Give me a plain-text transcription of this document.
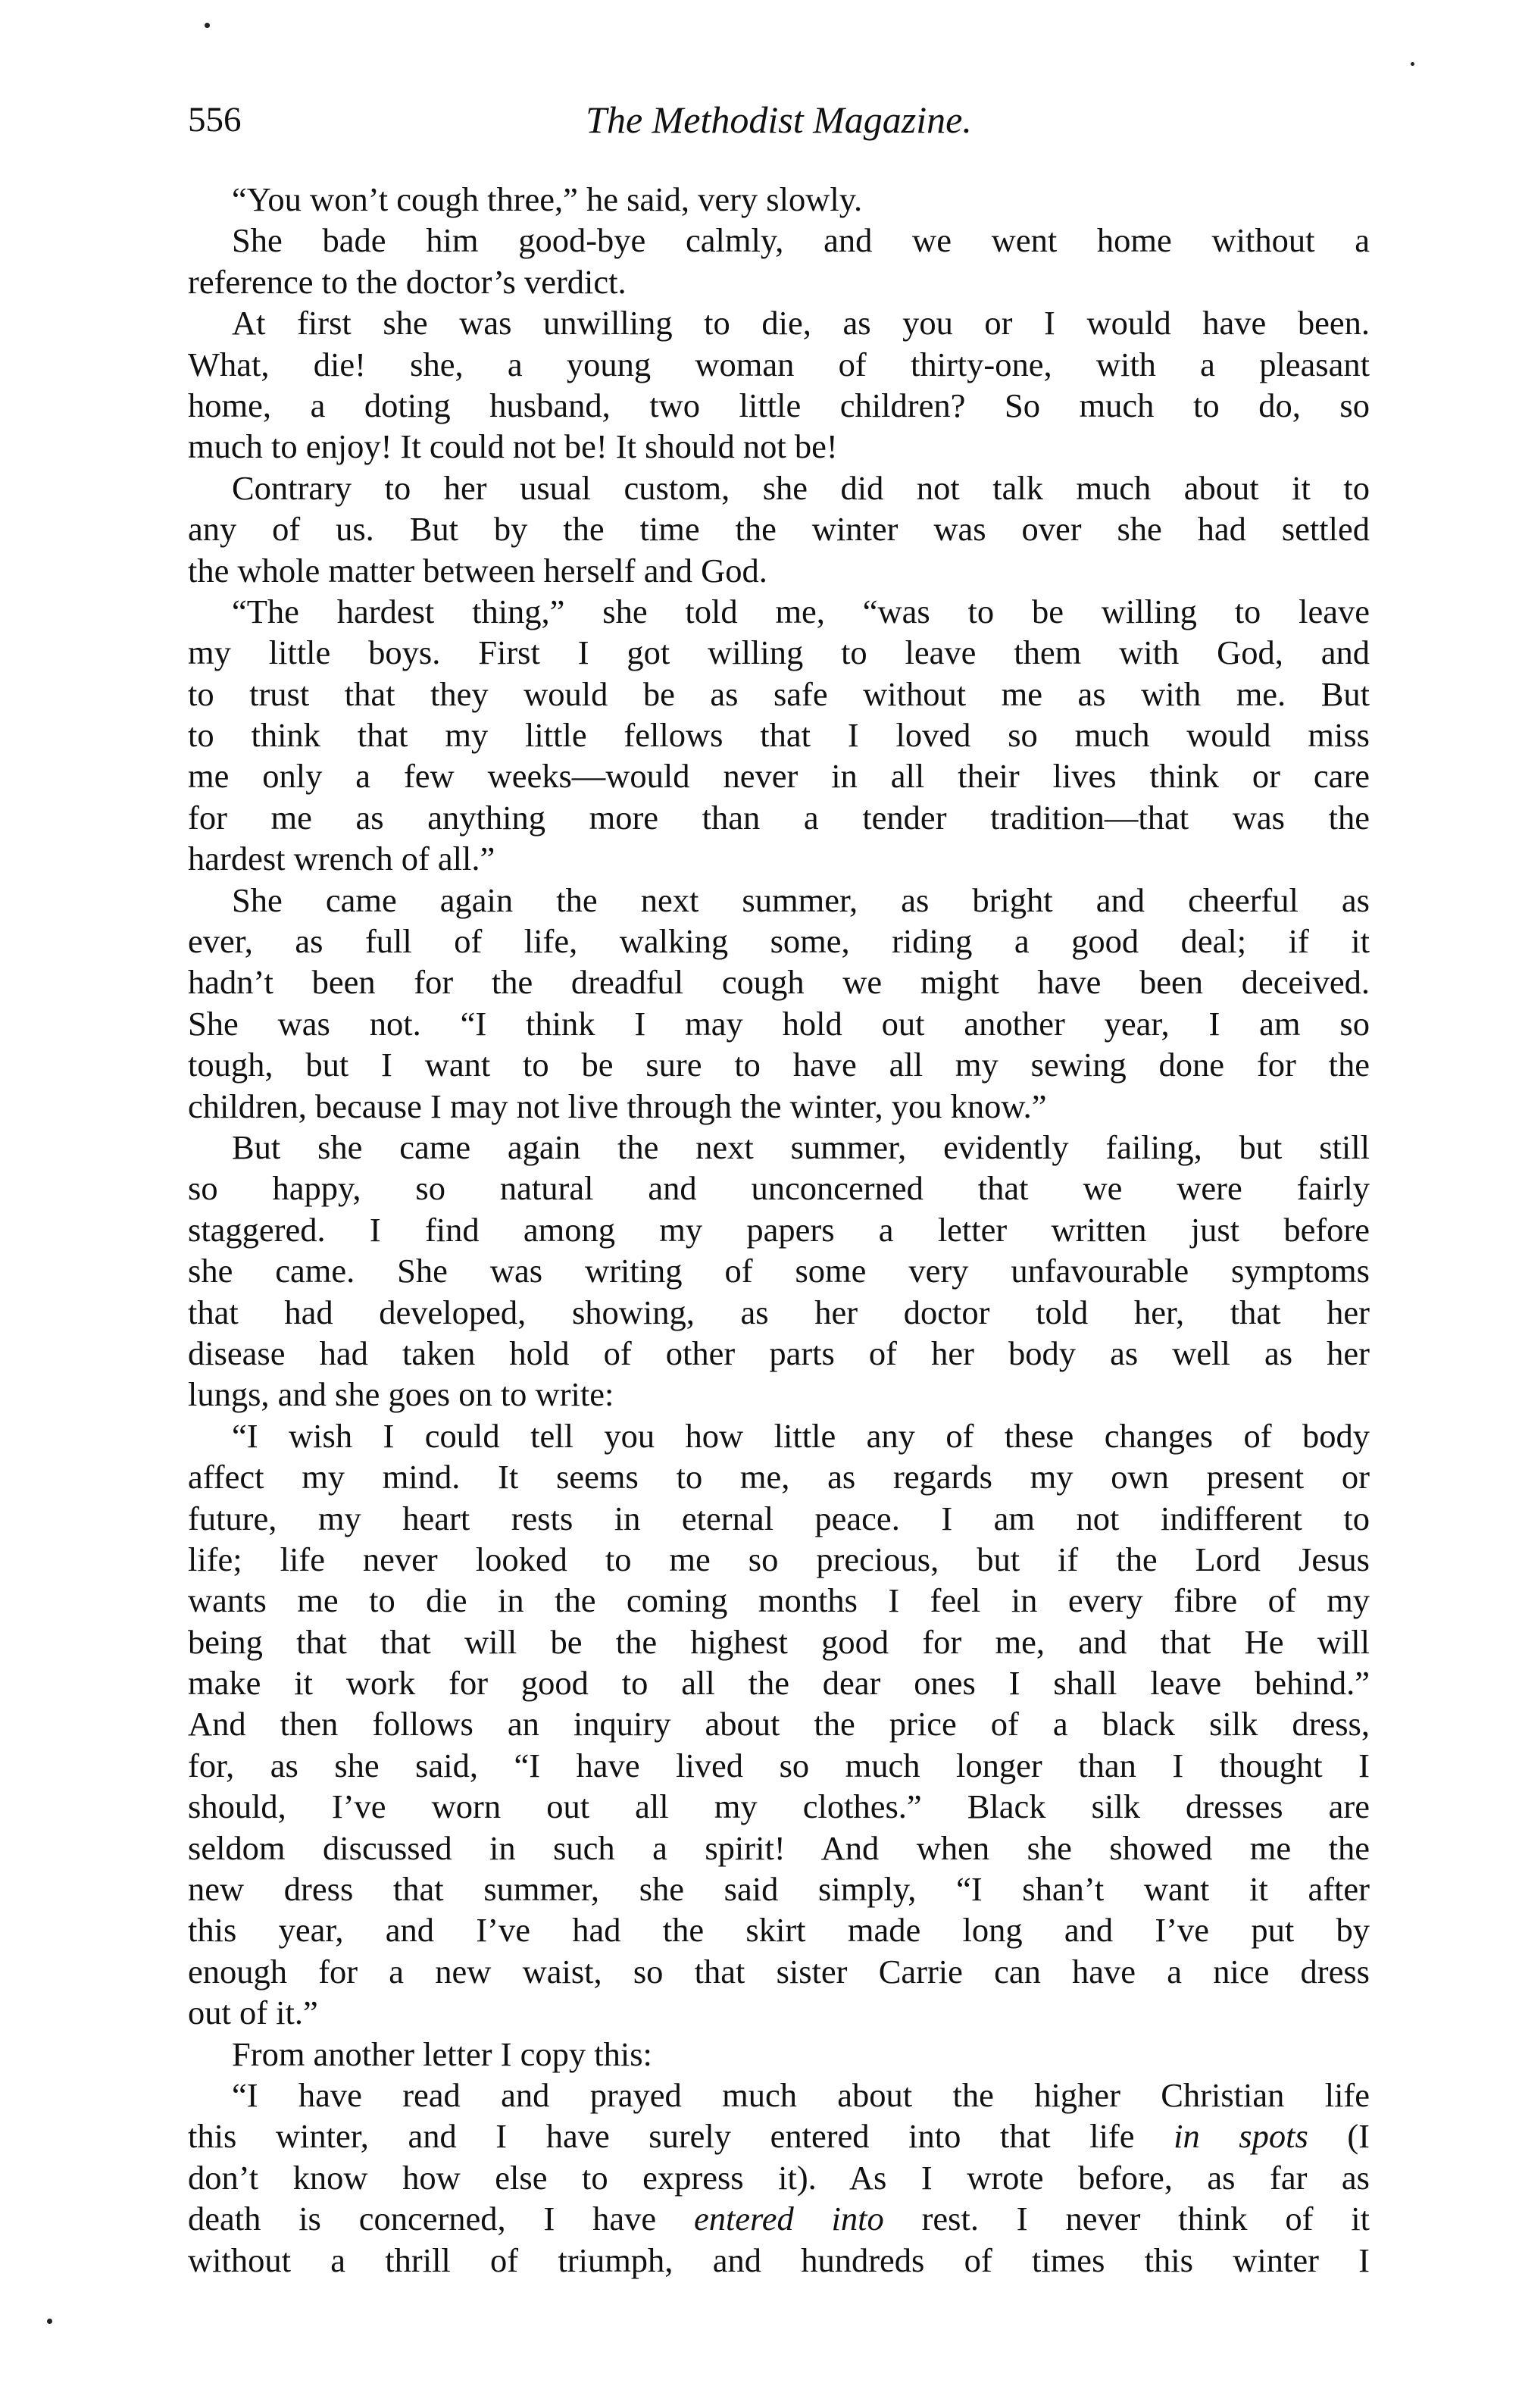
556	The Methodist Magazine.
“You won’t cough three,” he said, very slowly.
She bade him good-bye calmly, and we went home without a
reference to the doctor’s verdict.
At first she was unwilling to die, as you or I would have been.
What, die! she, a young woman of thirty-one, with a pleasant
home, a doting husband, two little children? So much to do, so
much to enjoy! It could not be! It should not be!
Contrary to her usual custom, she did not talk much about it to
any of us. But by the time the winter was over she had settled
the whole matter between herself and God.
“The hardest thing,” she told me, “was to be willing to leave
my little boys. First I got willing to leave them with God, and
to trust that they would be as safe without me as with me. But
to think that my little fellows that I loved so much would miss
me only a few weeks—would never in all their lives think or care
for me as anything more than a tender tradition—that was the
hardest wrench of all.”
She came again the next summer, as bright and cheerful as
ever, as full of life, walking some, riding a good deal; if it
hadn’t been for the dreadful cough we might have been deceived.
She was not. “I think I may hold out another year, I am so
tough, but I want to be sure to have all my sewing done for the
children, because I may not live through the winter, you know.”
But she came again the next summer, evidently failing, but still
so happy, so natural and unconcerned that we were fairly
staggered. I find among my papers a letter written just before
she came. She was writing of some very unfavourable symptoms
that had developed, showing, as her doctor told her, that her
disease had taken hold of other parts of her body as well as her
lungs, and she goes on to write:
“I wish I could tell you how little any of these changes of body
affect my mind. It seems to me, as regards my own present or
future, my heart rests in eternal peace. I am not indifferent to
life; life never looked to me so precious, but if the Lord Jesus
wants me to die in the coming months I feel in every fibre of my
being that that will be the highest good for me, and that He will
make it work for good to all the dear ones I shall leave behind.”
And then follows an inquiry about the price of a black silk dress,
for, as she said, “I have lived so much longer than I thought I
should, I’ve worn out all my clothes.” Black silk dresses are
seldom discussed in such a spirit! And when she showed me the
new dress that summer, she said simply, “I shan’t want it after
this year, and I’ve had the skirt made long and I’ve put by
enough for a new waist, so that sister Carrie can have a nice dress
out of it.”
From another letter I copy this:
“I have read and prayed much about the higher Christian life
this winter, and I have surely entered into that life in spots (I
don’t know how else to express it). As I wrote before, as far as
death is concerned, I have entered into rest. I never think of it
without a thrill of triumph, and hundreds of times this winter I
